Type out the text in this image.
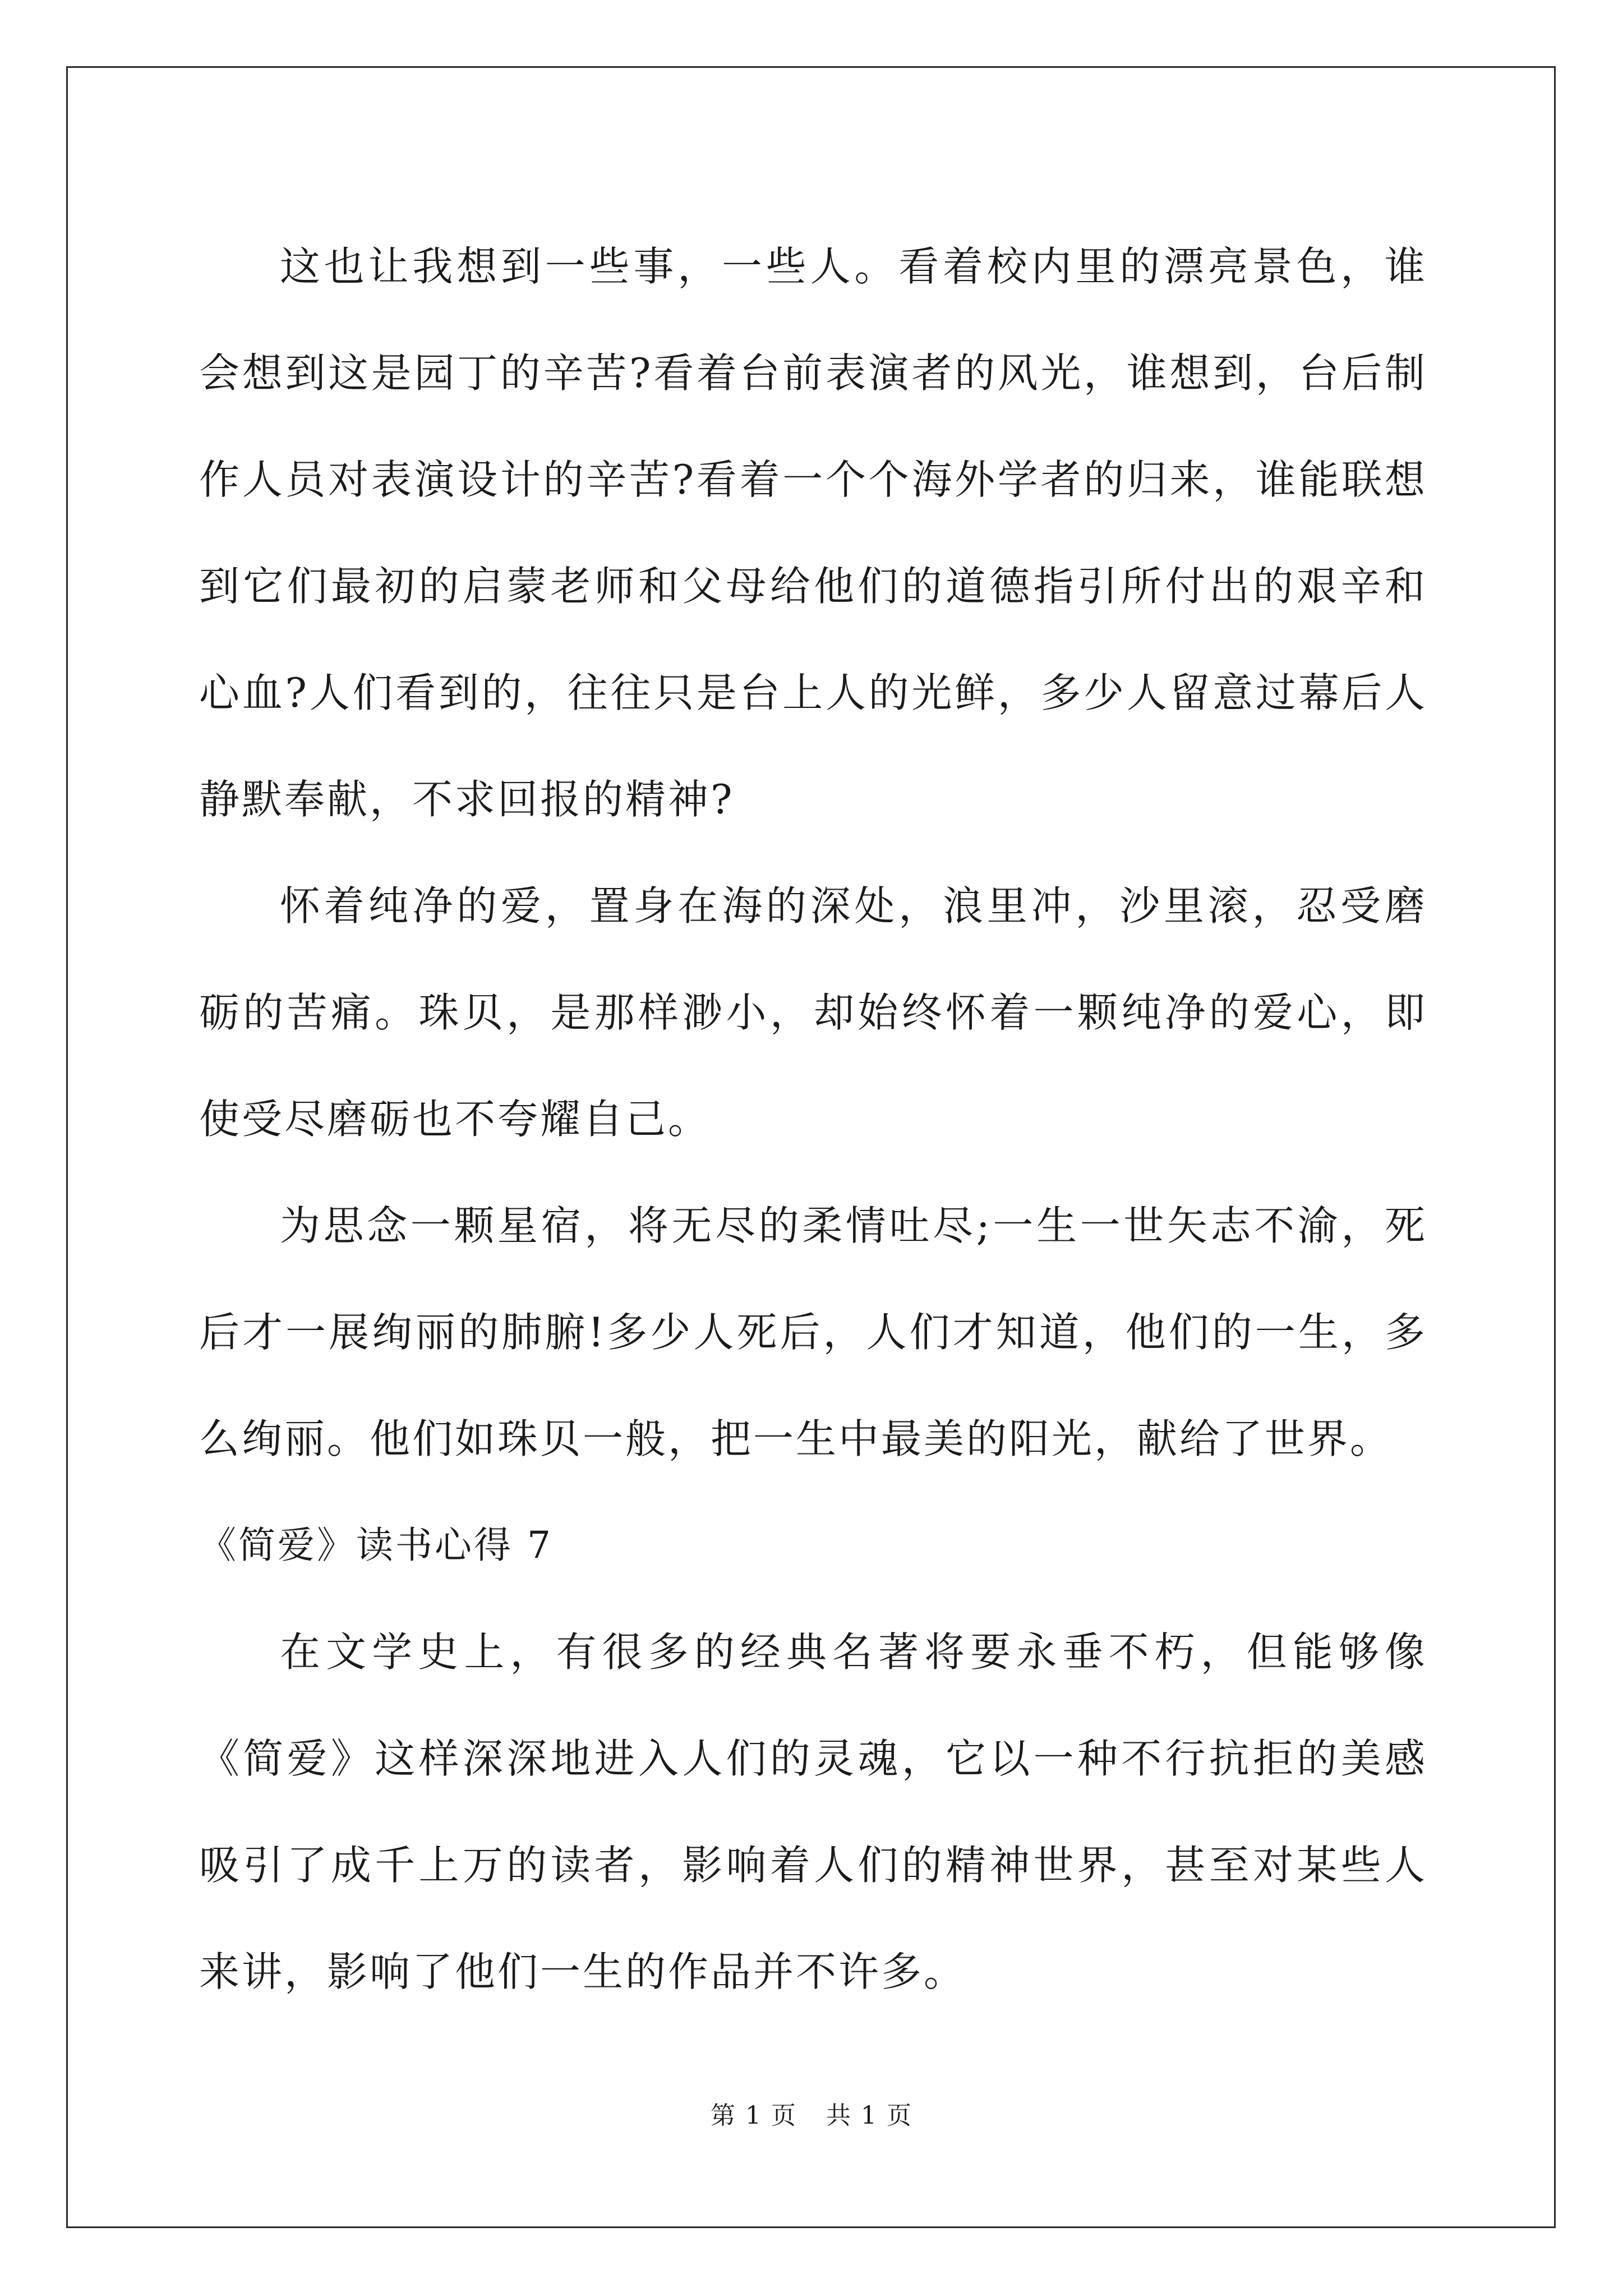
这也让我想到一些事，一些人。看着校内里的漂亮景色，谁会想到这是园丁的辛苦?看着台前表演者的风光，谁想到，台后制作人员对表演设计的辛苦?看着一个个海外学者的归来，谁能联想到它们最初的启蒙老师和父母给他们的道德指引所付出的艰辛和心血?人们看到的，往往只是台上人的光鲜，多少人留意过幕后人静默奉献，不求回报的精神?

怀着纯净的爱，置身在海的深处，浪里冲，沙里滚，忍受磨砺的苦痛。珠贝，是那样渺小，却始终怀着一颗纯净的爱心，即使受尽磨砺也不夸耀自己。

为思念一颗星宿，将无尽的柔情吐尽;一生一世矢志不渝，死后才一展绚丽的肺腑!多少人死后，人们才知道，他们的一生，多么绚丽。他们如珠贝一般，把一生中最美的阳光，献给了世界。

《简爱》读书心得 7

在文学史上，有很多的经典名著将要永垂不朽，但能够像《简爱》这样深深地进入人们的灵魂，它以一种不行抗拒的美感吸引了成千上万的读者，影响着人们的精神世界，甚至对某些人来讲，影响了他们一生的作品并不许多。

第 1 页 共 1 页
